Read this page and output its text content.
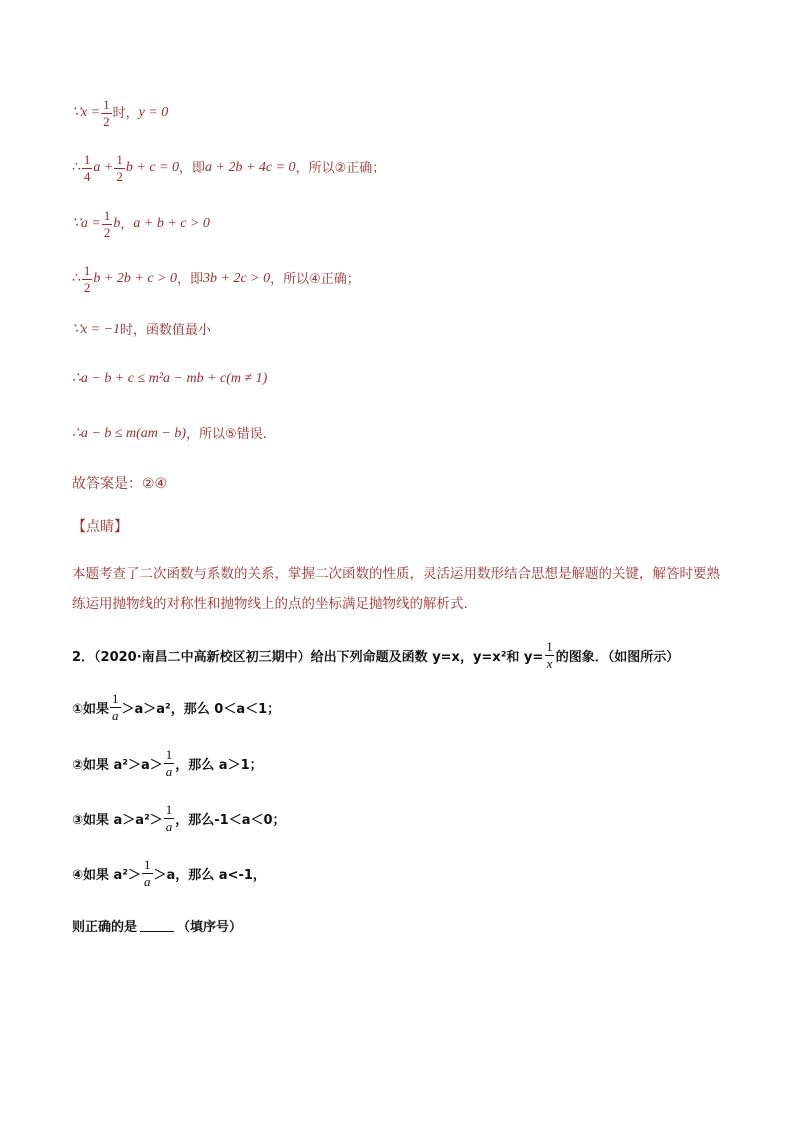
∵x = $\frac{1}{2}$ 时， y = 0
∴ $\frac{1}{4}$ $a + \frac{1}{2}$ b + c = 0 ，即 a + 2b + 4c = 0 ，所以②正确；
∵a = $\frac{1}{2}$ b ， a + b + c > 0
∴ $\frac{1}{2}$ b + 2b + c > 0 ，即 3b + 2c > 0 ，所以④正确；
∵x = −1 时，函数值最小
∴a − b + c ≤ m²a − mb + c(m ≠ 1)
∴a − b ≤ m(am − b) ，所以⑤错误.
故答案是：②④
【点睛】
本题考查了二次函数与系数的关系，掌握二次函数的性质，灵活运用数形结合思想是解题的关键，解答时要熟练运用抛物线的对称性和抛物线上的点的坐标满足抛物线的解析式.
2．（2020·南昌二中高新校区初三期中）给出下列命题及函数 y=x，y=x²和 $y= \frac{1}{x}$ 的图象．（如图所示）
①如果 $\frac{1}{a} >a>a^2$，那么 0＜a＜1；
②如果 $a^2>a> \frac{1}{a}$ ，那么 a＞1；
③如果 $a>a^2> \frac{1}{a}$ ，那么-1＜a＜0；
④如果 $a^2> \frac{1}{a} >a$，那么 a<-1，
则正确的是	（填序号）
